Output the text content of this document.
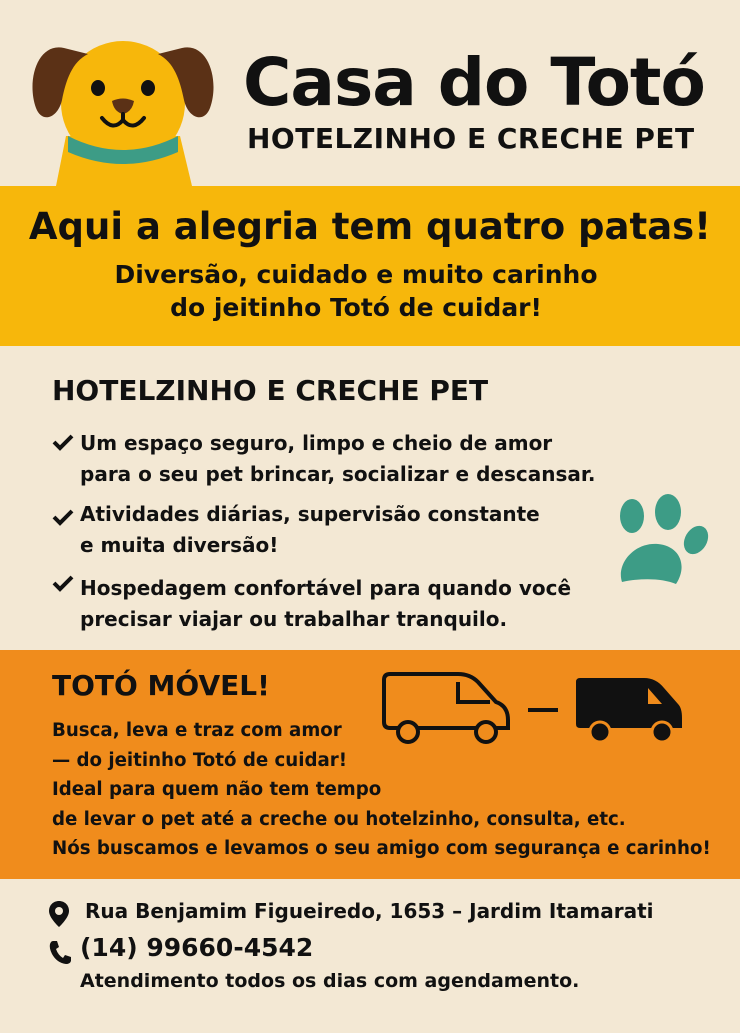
Casa do Totó
HOTELZINHO E CRECHE PET
Aqui a alegria tem quatro patas!
Diversão, cuidado e muito carinho
do jeitinho Totó de cuidar!
HOTELZINHO E CRECHE PET
Um espaço seguro, limpo e cheio de amor
para o seu pet brincar, socializar e descansar.
Atividades diárias, supervisão constante
e muita diversão!
Hospedagem confortável para quando você
precisar viajar ou trabalhar tranquilo.
TOTÓ MÓVEL!
Busca, leva e traz com amor
— do jeitinho Totó de cuidar!
Ideal para quem não tem tempo
de levar o pet até a creche ou hotelzinho, consulta, etc.
Nós buscamos e levamos o seu amigo com segurança e carinho!
Rua Benjamim Figueiredo, 1653 – Jardim Itamarati
(14) 99660-4542
Atendimento todos os dias com agendamento.
